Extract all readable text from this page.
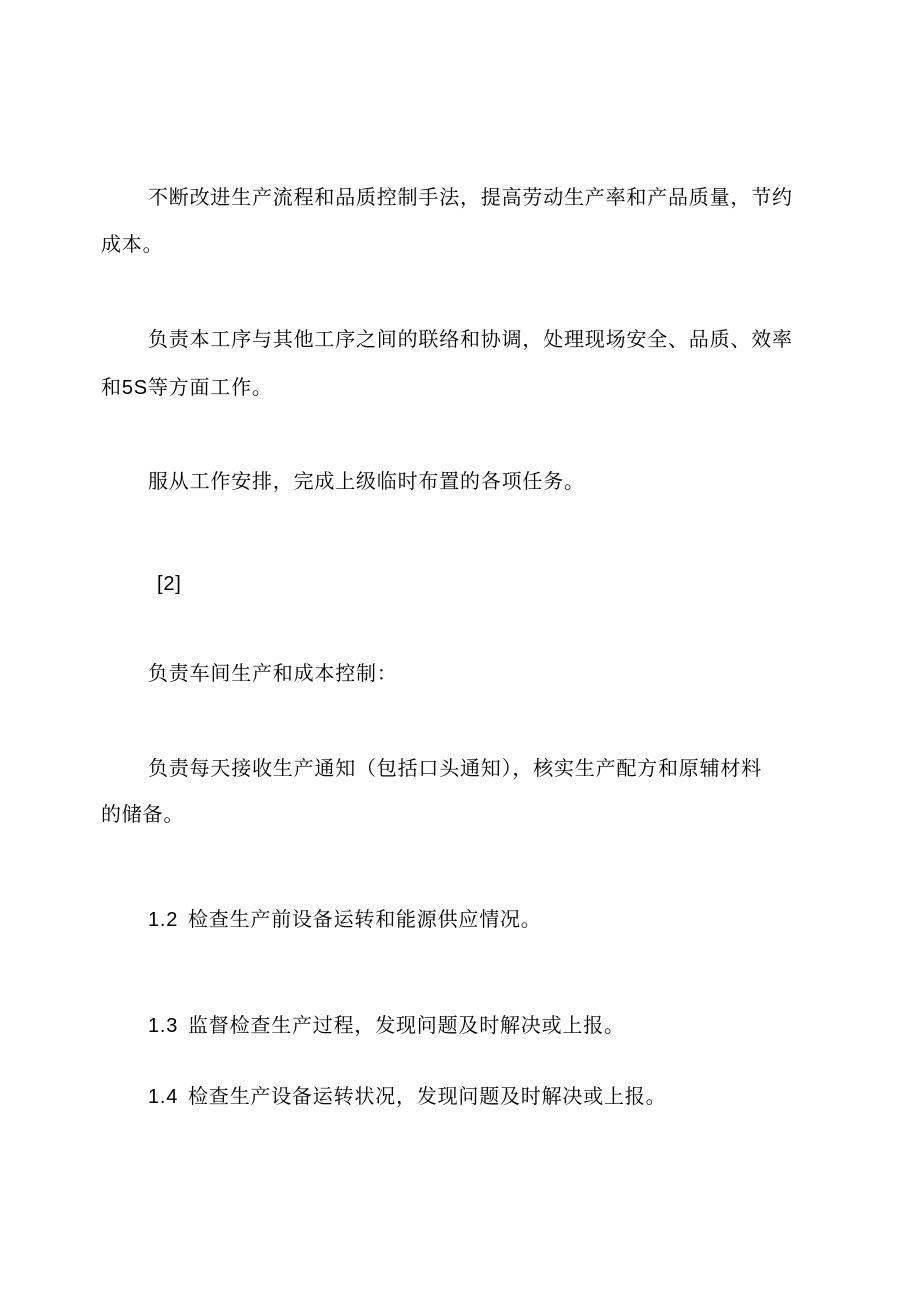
不断改进生产流程和品质控制手法，提高劳动生产率和产品质量，节约
成本。
负责本工序与其他工序之间的联络和协调，处理现场安全、品质、效率
和5S等方面工作。
服从工作安排，完成上级临时布置的各项任务。
[2]
负责车间生产和成本控制：
负责每天接收生产通知（包括口头通知），核实生产配方和原辅材料
的储备。
1.2 检查生产前设备运转和能源供应情况。
1.3 监督检查生产过程，发现问题及时解决或上报。
1.4 检查生产设备运转状况，发现问题及时解决或上报。
